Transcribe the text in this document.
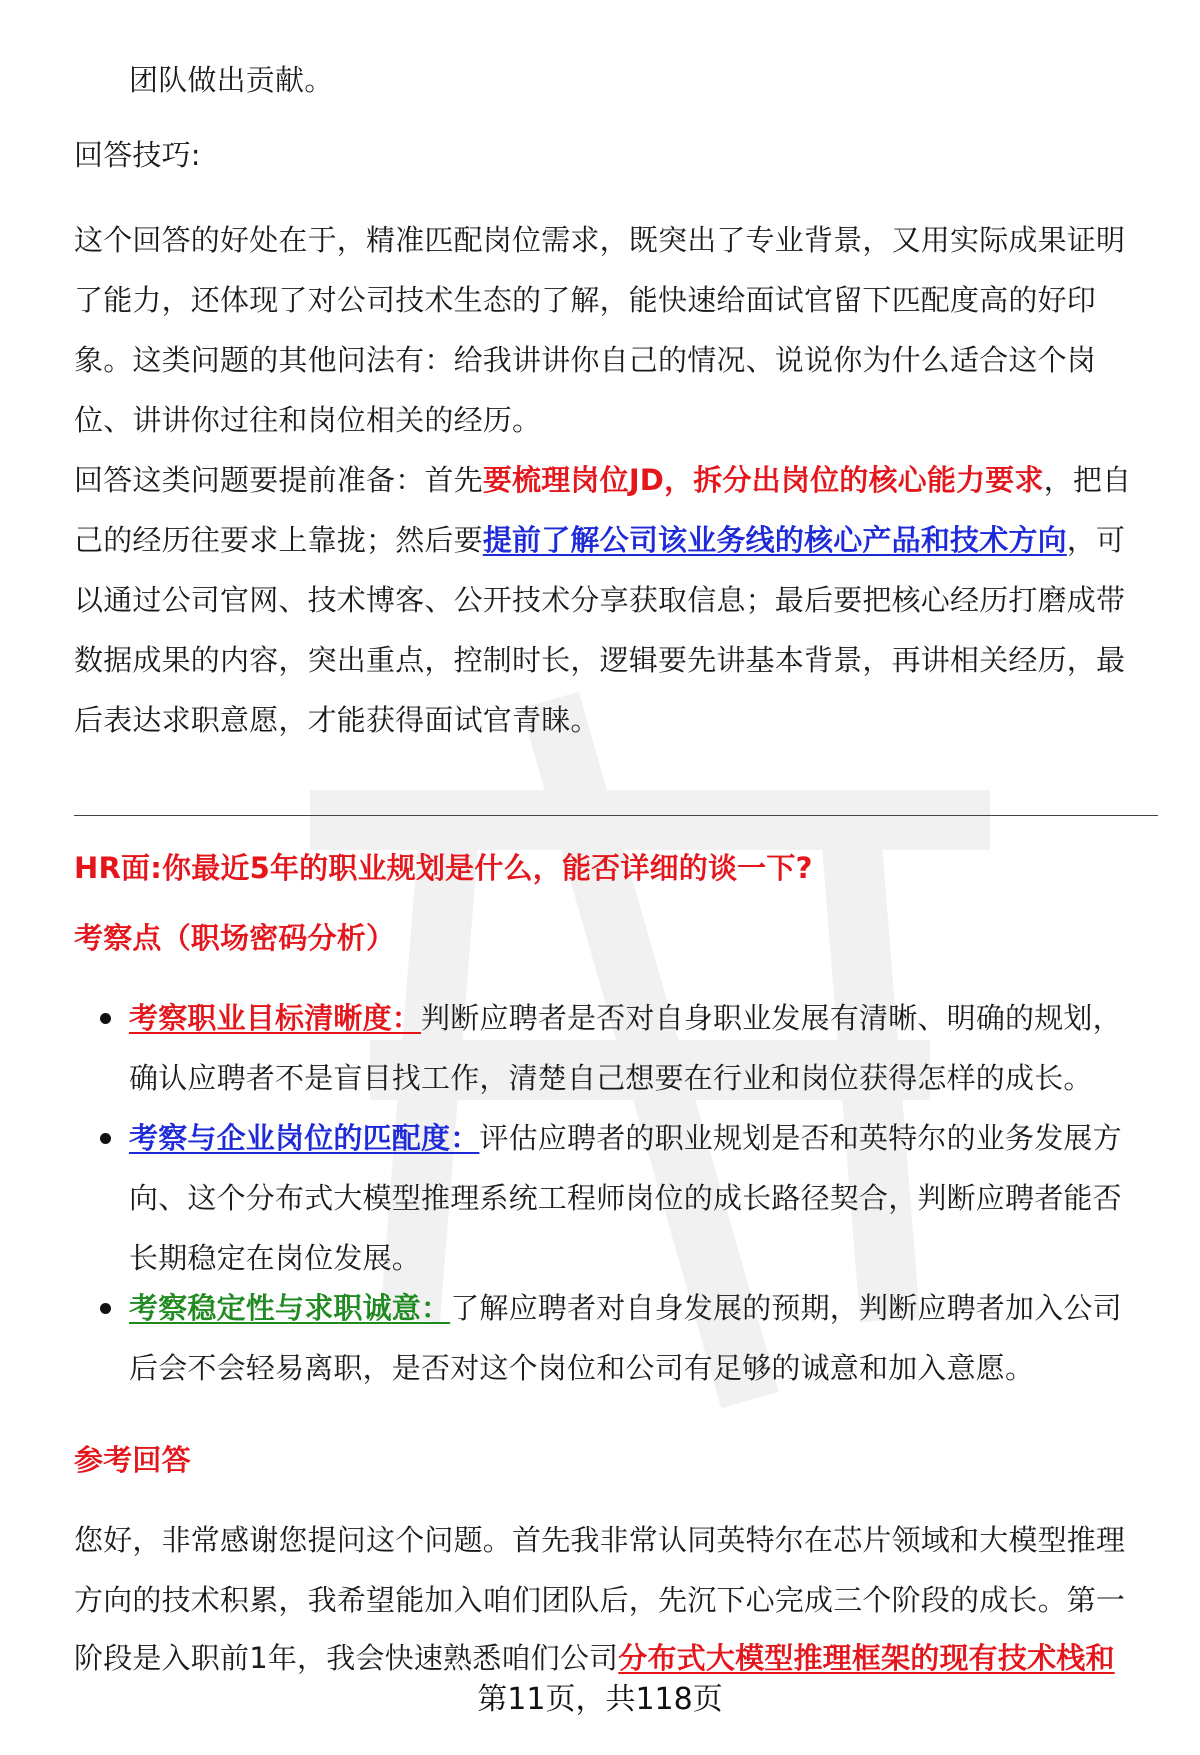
团队做出贡献。
回答技巧:
这个回答的好处在于，精准匹配岗位需求，既突出了专业背景，又用实际成果证明
了能力，还体现了对公司技术生态的了解，能快速给面试官留下匹配度高的好印
象。这类问题的其他问法有：给我讲讲你自己的情况、说说你为什么适合这个岗
位、讲讲你过往和岗位相关的经历。
回答这类问题要提前准备：首先要梳理岗位JD，拆分出岗位的核心能力要求，把自
己的经历往要求上靠拢；然后要提前了解公司该业务线的核心产品和技术方向，可
以通过公司官网、技术博客、公开技术分享获取信息；最后要把核心经历打磨成带
数据成果的内容，突出重点，控制时长，逻辑要先讲基本背景，再讲相关经历，最
后表达求职意愿，才能获得面试官青睐。
HR面:你最近5年的职业规划是什么，能否详细的谈一下?
考察点（职场密码分析）
考察职业目标清晰度：判断应聘者是否对自身职业发展有清晰、明确的规划，
确认应聘者不是盲目找工作，清楚自己想要在行业和岗位获得怎样的成长。
考察与企业岗位的匹配度：评估应聘者的职业规划是否和英特尔的业务发展方
向、这个分布式大模型推理系统工程师岗位的成长路径契合，判断应聘者能否
长期稳定在岗位发展。
考察稳定性与求职诚意：了解应聘者对自身发展的预期，判断应聘者加入公司
后会不会轻易离职，是否对这个岗位和公司有足够的诚意和加入意愿。
参考回答
您好，非常感谢您提问这个问题。首先我非常认同英特尔在芯片领域和大模型推理
方向的技术积累，我希望能加入咱们团队后，先沉下心完成三个阶段的成长。第一
阶段是入职前1年，我会快速熟悉咱们公司分布式大模型推理框架的现有技术栈和
第11页，共118页
